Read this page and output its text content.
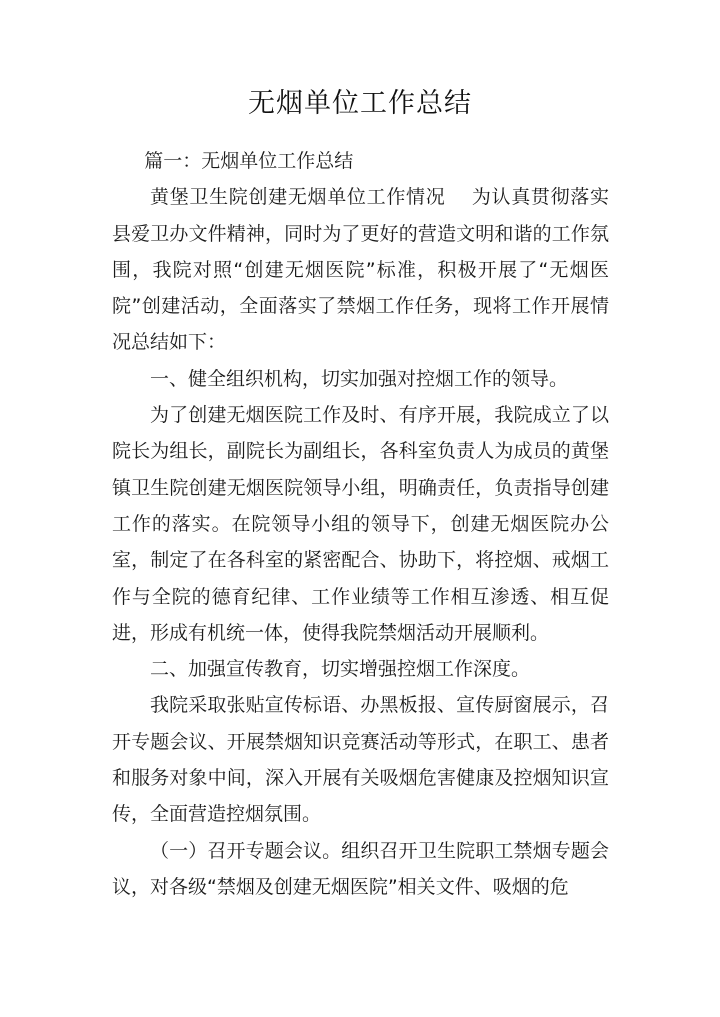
无烟单位工作总结

篇一：无烟单位工作总结

黄堡卫生院创建无烟单位工作情况　 为认真贯彻落实县爱卫办文件精神，同时为了更好的营造文明和谐的工作氛围，我院对照“创建无烟医院”标准，积极开展了“无烟医院”创建活动，全面落实了禁烟工作任务，现将工作开展情况总结如下：

一、健全组织机构，切实加强对控烟工作的领导。

为了创建无烟医院工作及时、有序开展，我院成立了以院长为组长，副院长为副组长，各科室负责人为成员的黄堡镇卫生院创建无烟医院领导小组，明确责任，负责指导创建工作的落实。在院领导小组的领导下，创建无烟医院办公室，制定了在各科室的紧密配合、协助下，将控烟、戒烟工作与全院的德育纪律、工作业绩等工作相互渗透、相互促进，形成有机统一体，使得我院禁烟活动开展顺利。

二、加强宣传教育，切实增强控烟工作深度。

我院采取张贴宣传标语、办黑板报、宣传厨窗展示，召开专题会议、开展禁烟知识竞赛活动等形式，在职工、患者和服务对象中间，深入开展有关吸烟危害健康及控烟知识宣传，全面营造控烟氛围。

（一）召开专题会议。组织召开卫生院职工禁烟专题会议，对各级“禁烟及创建无烟医院”相关文件、吸烟的危
